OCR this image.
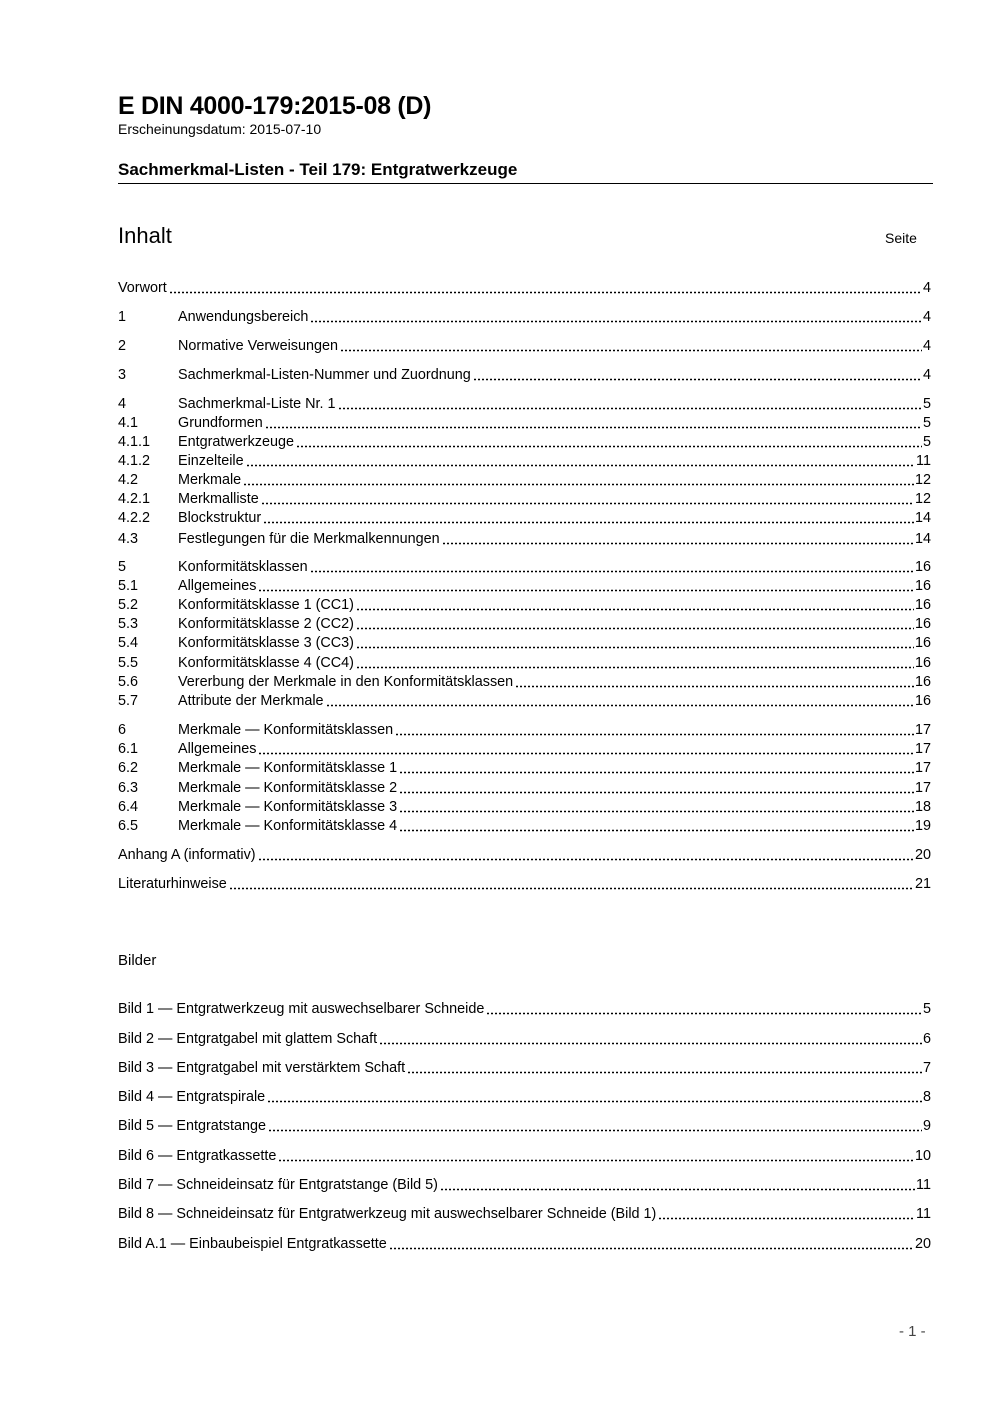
E DIN 4000-179:2015-08 (D)
Erscheinungsdatum: 2015-07-10
Sachmerkmal-Listen - Teil 179: Entgratwerkzeuge
Inhalt	Seite
Vorwort	4
1	Anwendungsbereich	4
2	Normative Verweisungen	4
3	Sachmerkmal-Listen-Nummer und Zuordnung	4
4	Sachmerkmal-Liste Nr. 1	5
4.1	Grundformen	5
4.1.1	Entgratwerkzeuge	5
4.1.2	Einzelteile	11
4.2	Merkmale	12
4.2.1	Merkmalliste	12
4.2.2	Blockstruktur	14
4.3	Festlegungen für die Merkmalkennungen	14
5	Konformitätsklassen	16
5.1	Allgemeines	16
5.2	Konformitätsklasse 1 (CC1)	16
5.3	Konformitätsklasse 2 (CC2)	16
5.4	Konformitätsklasse 3 (CC3)	16
5.5	Konformitätsklasse 4 (CC4)	16
5.6	Vererbung der Merkmale in den Konformitätsklassen	16
5.7	Attribute der Merkmale	16
6	Merkmale — Konformitätsklassen	17
6.1	Allgemeines	17
6.2	Merkmale — Konformitätsklasse 1	17
6.3	Merkmale — Konformitätsklasse 2	17
6.4	Merkmale — Konformitätsklasse 3	18
6.5	Merkmale — Konformitätsklasse 4	19
Anhang A (informativ)	20
Literaturhinweise	21
Bilder
Bild 1 — Entgratwerkzeug mit auswechselbarer Schneide	5
Bild 2 — Entgratgabel mit glattem Schaft	6
Bild 3 — Entgratgabel mit verstärktem Schaft	7
Bild 4 — Entgratspirale	8
Bild 5 — Entgratstange	9
Bild 6 — Entgratkassette	10
Bild 7 — Schneideinsatz für Entgratstange (Bild 5)	11
Bild 8 — Schneideinsatz für Entgratwerkzeug mit auswechselbarer Schneide (Bild 1)	11
Bild A.1 — Einbaubeispiel Entgratkassette	20
- 1 -
